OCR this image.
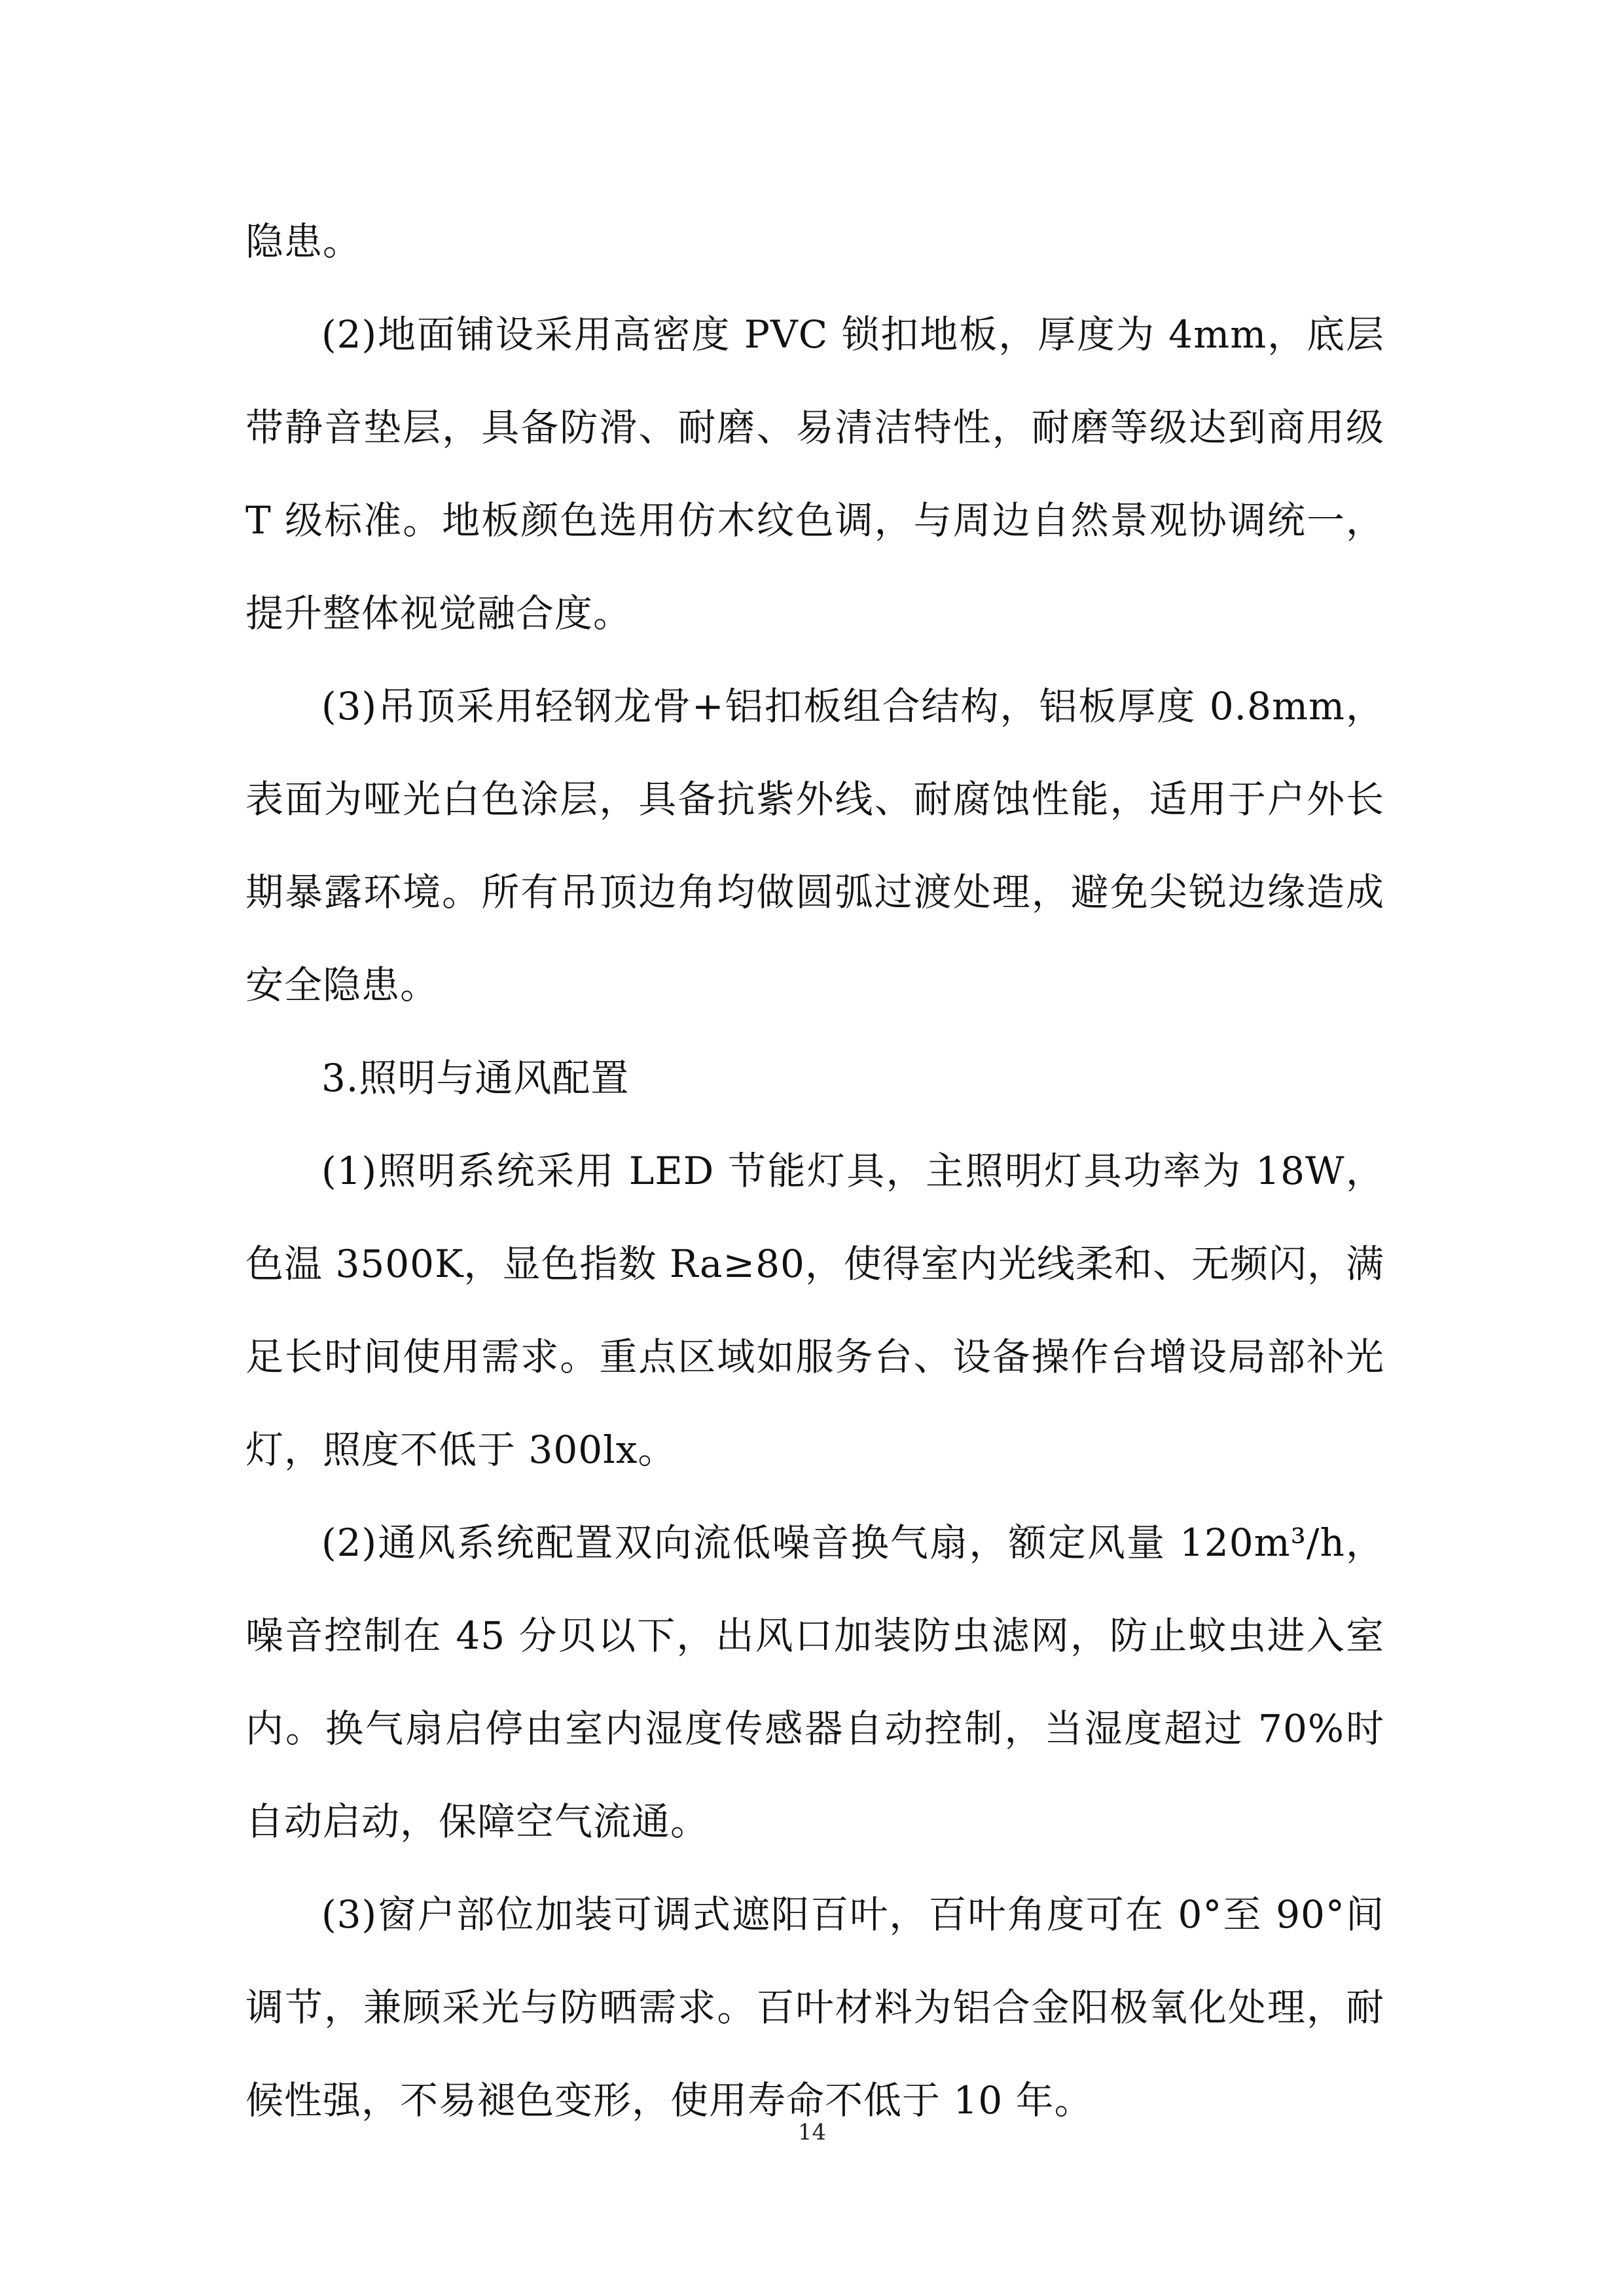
隐患。

(2)地面铺设采用高密度 PVC 锁扣地板，厚度为 4mm，底层带静音垫层，具备防滑、耐磨、易清洁特性，耐磨等级达到商用级 T 级标准。地板颜色选用仿木纹色调，与周边自然景观协调统一，提升整体视觉融合度。

(3)吊顶采用轻钢龙骨+铝扣板组合结构，铝板厚度 0.8mm，表面为哑光白色涂层，具备抗紫外线、耐腐蚀性能，适用于户外长期暴露环境。所有吊顶边角均做圆弧过渡处理，避免尖锐边缘造成安全隐患。

3.照明与通风配置

(1)照明系统采用 LED 节能灯具，主照明灯具功率为 18W，色温 3500K，显色指数 Ra≥80，使得室内光线柔和、无频闪，满足长时间使用需求。重点区域如服务台、设备操作台增设局部补光灯，照度不低于 300lx。

(2)通风系统配置双向流低噪音换气扇，额定风量 120m³/h，噪音控制在 45 分贝以下，出风口加装防虫滤网，防止蚊虫进入室内。换气扇启停由室内湿度传感器自动控制，当湿度超过 70%时自动启动，保障空气流通。

(3)窗户部位加装可调式遮阳百叶，百叶角度可在 0°至 90°间调节，兼顾采光与防晒需求。百叶材料为铝合金阳极氧化处理，耐候性强，不易褪色变形，使用寿命不低于 10 年。

14
